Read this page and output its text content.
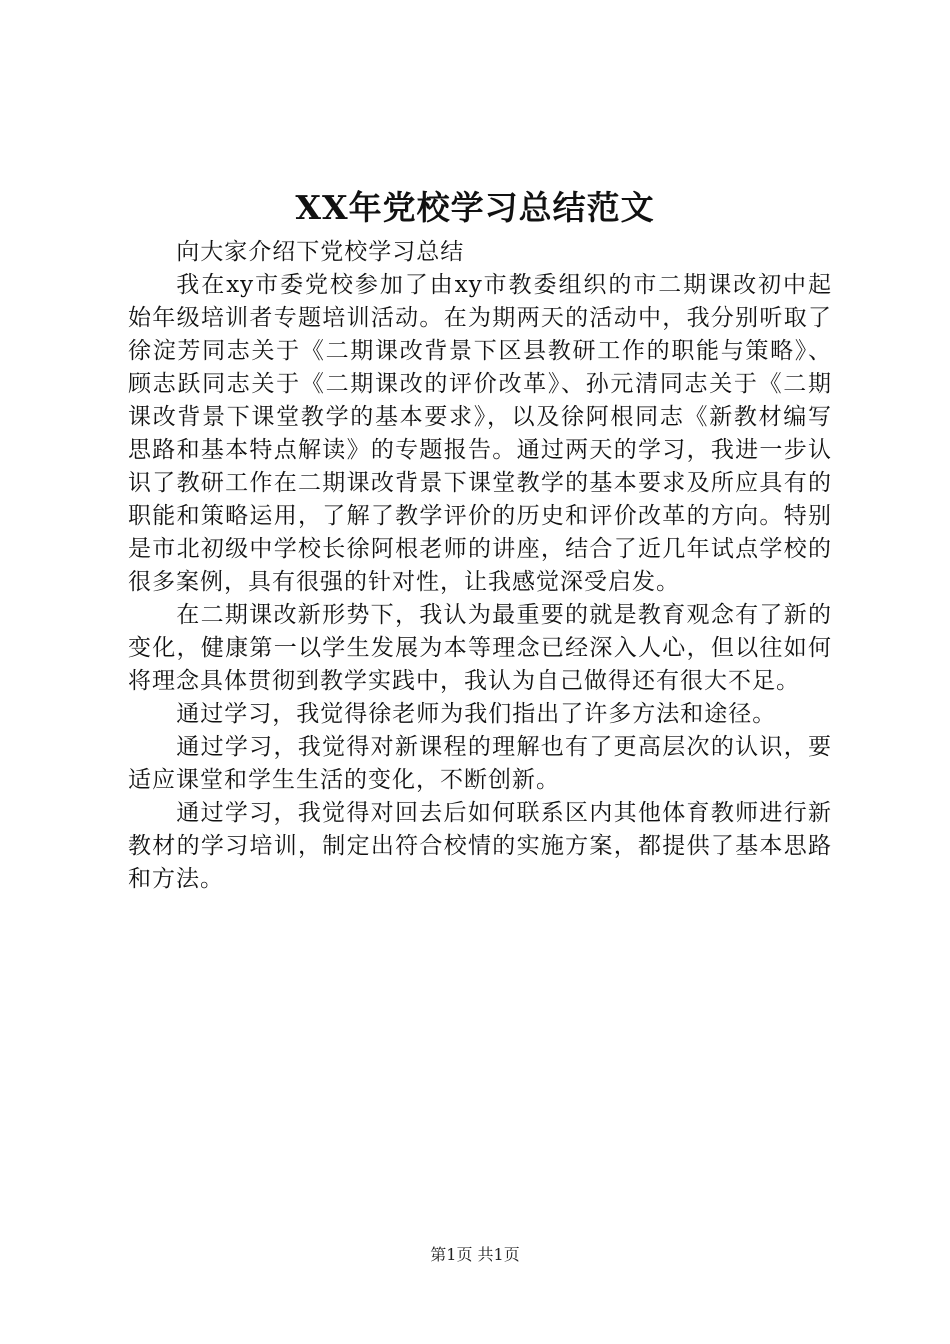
XX年党校学习总结范文

向大家介绍下党校学习总结

我在xy市委党校参加了由xy市教委组织的市二期课改初中起始年级培训者专题培训活动。在为期两天的活动中，我分别听取了徐淀芳同志关于《二期课改背景下区县教研工作的职能与策略》、顾志跃同志关于《二期课改的评价改革》、孙元清同志关于《二期课改背景下课堂教学的基本要求》，以及徐阿根同志《新教材编写思路和基本特点解读》的专题报告。通过两天的学习，我进一步认识了教研工作在二期课改背景下课堂教学的基本要求及所应具有的职能和策略运用，了解了教学评价的历史和评价改革的方向。特别是市北初级中学校长徐阿根老师的讲座，结合了近几年试点学校的很多案例，具有很强的针对性，让我感觉深受启发。

在二期课改新形势下，我认为最重要的就是教育观念有了新的变化，健康第一以学生发展为本等理念已经深入人心，但以往如何将理念具体贯彻到教学实践中，我认为自己做得还有很大不足。

通过学习，我觉得徐老师为我们指出了许多方法和途径。

通过学习，我觉得对新课程的理解也有了更高层次的认识，要适应课堂和学生生活的变化，不断创新。

通过学习，我觉得对回去后如何联系区内其他体育教师进行新教材的学习培训，制定出符合校情的实施方案，都提供了基本思路和方法。

第1页 共1页
